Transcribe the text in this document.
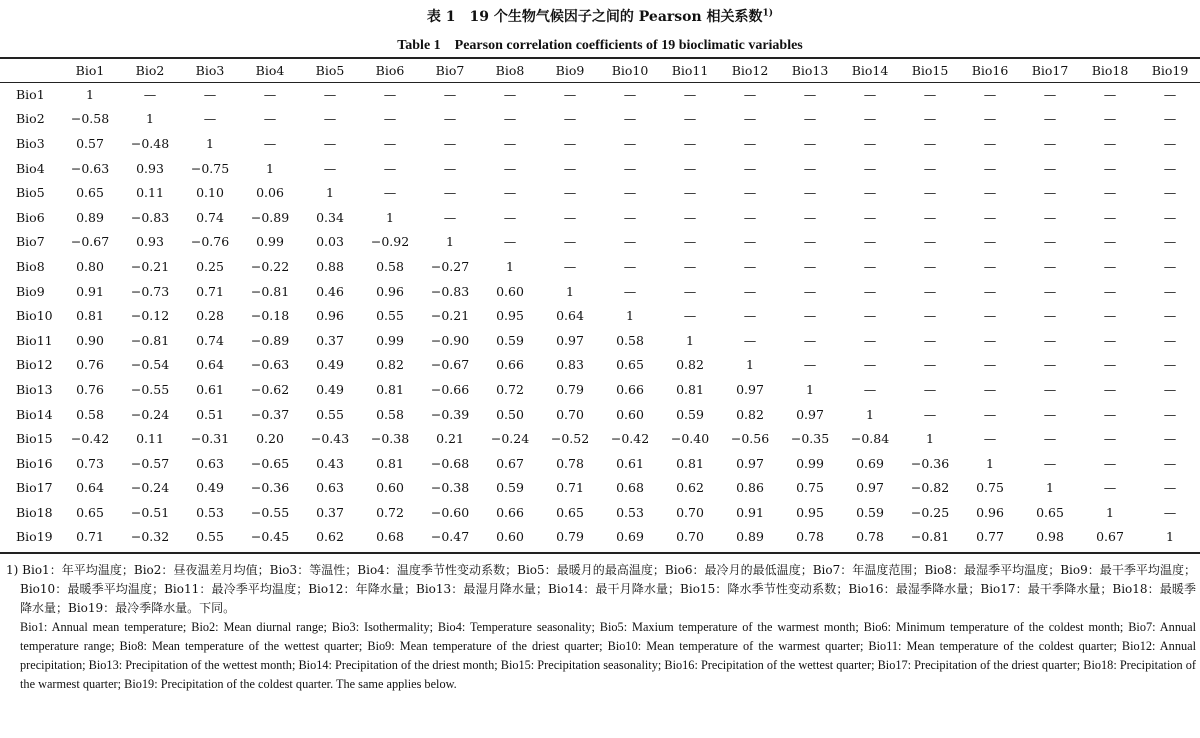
表 1　19 个生物气候因子之间的 Pearson 相关系数$^{1)}$
Table 1　Pearson correlation coefficients of 19 bioclimatic variables
	Bio1	Bio2	Bio3	Bio4	Bio5	Bio6	Bio7	Bio8	Bio9	Bio10	Bio11	Bio12	Bio13	Bio14	Bio15	Bio16	Bio17	Bio18	Bio19
Bio1	1	—	—	—	—	—	—	—	—	—	—	—	—	—	—	—	—	—	—
Bio2	−0.58	1	—	—	—	—	—	—	—	—	—	—	—	—	—	—	—	—	—
Bio3	0.57	−0.48	1	—	—	—	—	—	—	—	—	—	—	—	—	—	—	—	—
Bio4	−0.63	0.93	−0.75	1	—	—	—	—	—	—	—	—	—	—	—	—	—	—	—
Bio5	0.65	0.11	0.10	0.06	1	—	—	—	—	—	—	—	—	—	—	—	—	—	—
Bio6	0.89	−0.83	0.74	−0.89	0.34	1	—	—	—	—	—	—	—	—	—	—	—	—	—
Bio7	−0.67	0.93	−0.76	0.99	0.03	−0.92	1	—	—	—	—	—	—	—	—	—	—	—	—
Bio8	0.80	−0.21	0.25	−0.22	0.88	0.58	−0.27	1	—	—	—	—	—	—	—	—	—	—	—
Bio9	0.91	−0.73	0.71	−0.81	0.46	0.96	−0.83	0.60	1	—	—	—	—	—	—	—	—	—	—
Bio10	0.81	−0.12	0.28	−0.18	0.96	0.55	−0.21	0.95	0.64	1	—	—	—	—	—	—	—	—	—
Bio11	0.90	−0.81	0.74	−0.89	0.37	0.99	−0.90	0.59	0.97	0.58	1	—	—	—	—	—	—	—	—
Bio12	0.76	−0.54	0.64	−0.63	0.49	0.82	−0.67	0.66	0.83	0.65	0.82	1	—	—	—	—	—	—	—
Bio13	0.76	−0.55	0.61	−0.62	0.49	0.81	−0.66	0.72	0.79	0.66	0.81	0.97	1	—	—	—	—	—	—
Bio14	0.58	−0.24	0.51	−0.37	0.55	0.58	−0.39	0.50	0.70	0.60	0.59	0.82	0.97	1	—	—	—	—	—
Bio15	−0.42	0.11	−0.31	0.20	−0.43	−0.38	0.21	−0.24	−0.52	−0.42	−0.40	−0.56	−0.35	−0.84	1	—	—	—	—
Bio16	0.73	−0.57	0.63	−0.65	0.43	0.81	−0.68	0.67	0.78	0.61	0.81	0.97	0.99	0.69	−0.36	1	—	—	—
Bio17	0.64	−0.24	0.49	−0.36	0.63	0.60	−0.38	0.59	0.71	0.68	0.62	0.86	0.75	0.97	−0.82	0.75	1	—	—
Bio18	0.65	−0.51	0.53	−0.55	0.37	0.72	−0.60	0.66	0.65	0.53	0.70	0.91	0.95	0.59	−0.25	0.96	0.65	1	—
Bio19	0.71	−0.32	0.55	−0.45	0.62	0.68	−0.47	0.60	0.79	0.69	0.70	0.89	0.78	0.78	−0.81	0.77	0.98	0.67	1

1) Bio1：年平均温度；Bio2：昼夜温差月均值；Bio3：等温性；Bio4：温度季节性变动系数；Bio5：最暖月的最高温度；Bio6：最冷月的最低温度；Bio7：年温度范围；Bio8：最湿季平均温度；Bio9：最干季平均温度；Bio10：最暖季平均温度；Bio11：最冷季平均温度；Bio12：年降水量；Bio13：最湿月降水量；Bio14：最干月降水量；Bio15：降水季节性变动系数；Bio16：最湿季降水量；Bio17：最干季降水量；Bio18：最暖季降水量；Bio19：最冷季降水量。下同。

Bio1: Annual mean temperature; Bio2: Mean diurnal range; Bio3: Isothermality; Bio4: Temperature seasonality; Bio5: Maxium temperature of the warmest month; Bio6: Minimum temperature of the coldest month; Bio7: Annual temperature range; Bio8: Mean temperature of the wettest quarter; Bio9: Mean temperature of the driest quarter; Bio10: Mean temperature of the warmest quarter; Bio11: Mean temperature of the coldest quarter; Bio12: Annual precipitation; Bio13: Precipitation of the wettest month; Bio14: Precipitation of the driest month; Bio15: Precipitation seasonality; Bio16: Precipitation of the wettest quarter; Bio17: Precipitation of the driest quarter; Bio18: Precipitation of the warmest quarter; Bio19: Precipitation of the coldest quarter. The same applies below.
